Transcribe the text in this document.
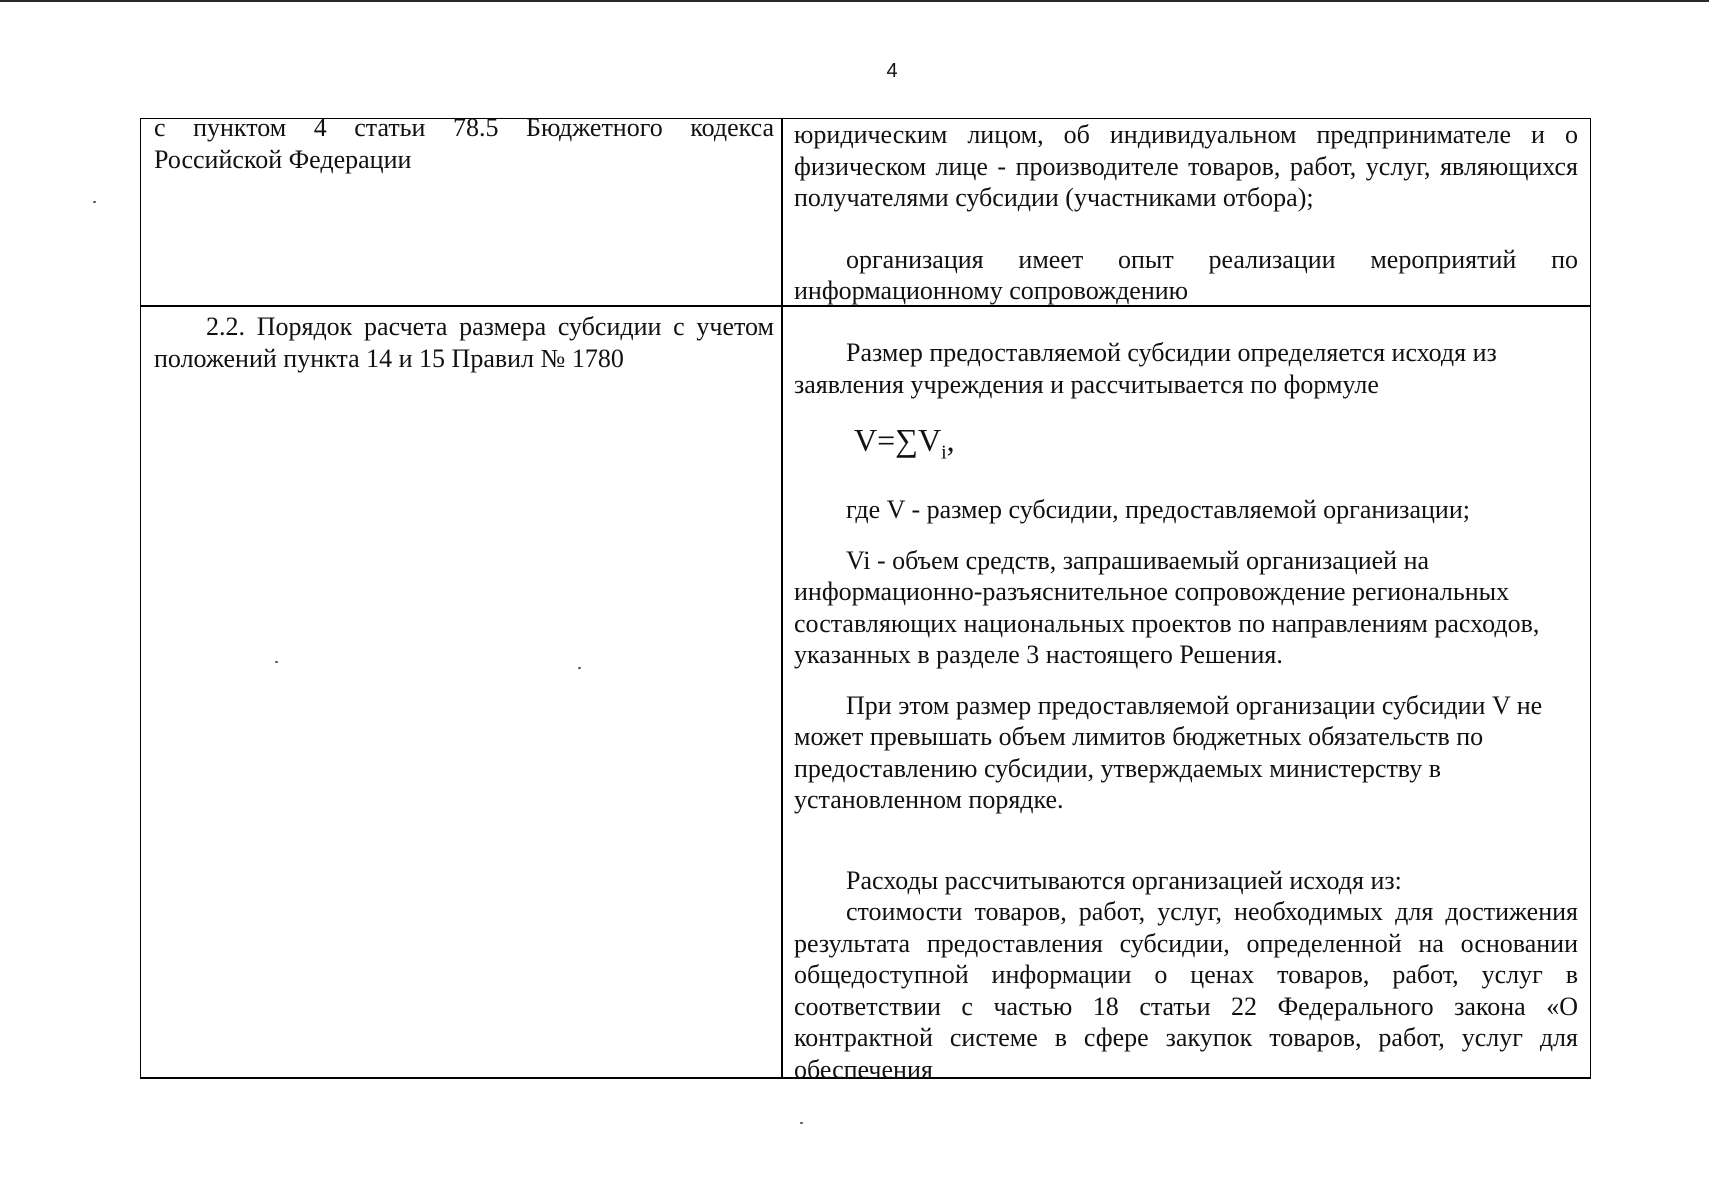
4

с пунктом 4 статьи 78.5 Бюджетного кодекса Российской Федерации

юридическим лицом, об индивидуальном предпринимателе и о физическом лице - производителе товаров, работ, услуг, являющихся получателями субсидии (участниками отбора);

организация имеет опыт реализации мероприятий по информационному сопровождению

2.2. Порядок расчета размера субсидии с учетом положений пункта 14 и 15 Правил № 1780	Размер предоставляемой субсидии определяется исходя из заявления учреждения и рассчитывается по формуле

$V=\sum V_i$,

где V - размер субсидии, предоставляемой организации;

Vi - объем средств, запрашиваемый организацией на информационно-разъяснительное сопровождение региональных составляющих национальных проектов по направлениям расходов, указанных в разделе 3 настоящего Решения.

При этом размер предоставляемой организации субсидии V не может превышать объем лимитов бюджетных обязательств по предоставлению субсидии, утверждаемых министерству в установленном порядке.

Расходы рассчитываются организацией исходя из:

стоимости товаров, работ, услуг, необходимых для достижения результата предоставления субсидии, определенной на основании общедоступной информации о ценах товаров, работ, услуг в соответствии с частью 18 статьи 22 Федерального закона «О контрактной системе в сфере закупок товаров, работ, услуг для обеспечения
